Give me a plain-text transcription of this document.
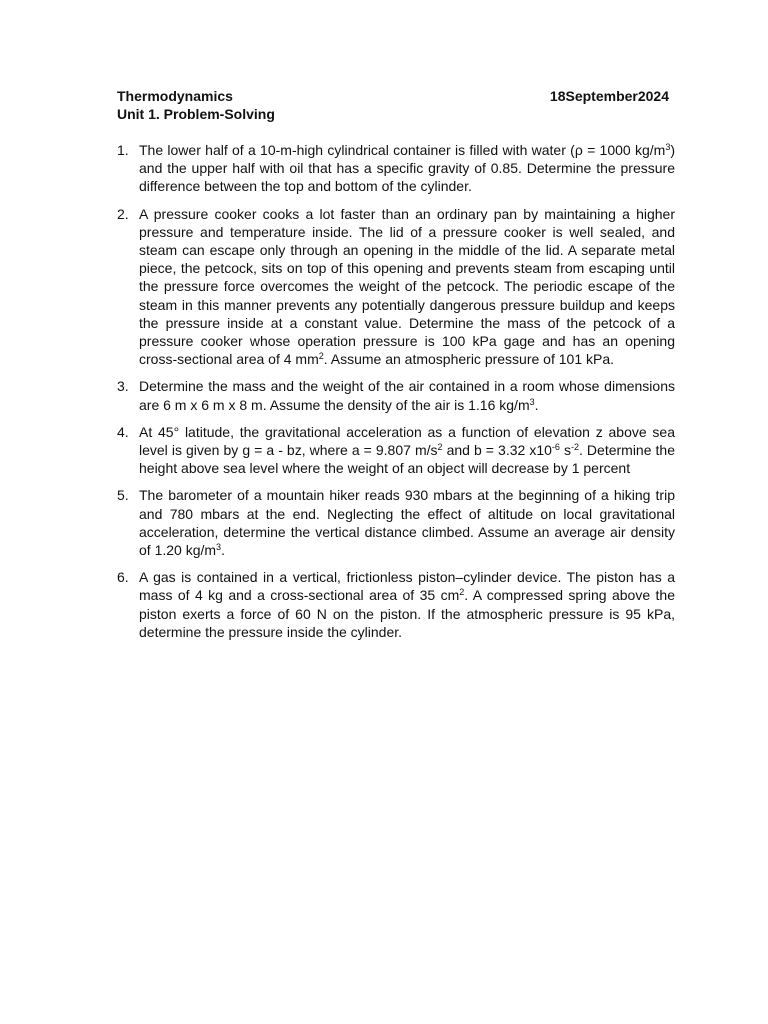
Thermodynamics	18September2024
Unit 1. Problem-Solving
1. The lower half of a 10-m-high cylindrical container is filled with water (ρ = 1000 $kg/m^3$) and the upper half with oil that has a specific gravity of 0.85. Determine the pressure difference between the top and bottom of the cylinder.
2. A pressure cooker cooks a lot faster than an ordinary pan by maintaining a higher pressure and temperature inside. The lid of a pressure cooker is well sealed, and steam can escape only through an opening in the middle of the lid. A separate metal piece, the petcock, sits on top of this opening and prevents steam from escaping until the pressure force overcomes the weight of the petcock. The periodic escape of the steam in this manner prevents any potentially dangerous pressure buildup and keeps the pressure inside at a constant value. Determine the mass of the petcock of a pressure cooker whose operation pressure is 100 kPa gage and has an opening cross-sectional area of 4 $mm^2$. Assume an atmospheric pressure of 101 kPa.
3. Determine the mass and the weight of the air contained in a room whose dimensions are 6 m x 6 m x 8 m. Assume the density of the air is 1.16 $kg/m^3$.
4. At 45° latitude, the gravitational acceleration as a function of elevation z above sea level is given by g = a - bz, where a = 9.807 $m/s^2$ and b = 3.32 $x10^{-6}$ $s^{-2}$. Determine the height above sea level where the weight of an object will decrease by 1 percent
5. The barometer of a mountain hiker reads 930 mbars at the beginning of a hiking trip and 780 mbars at the end. Neglecting the effect of altitude on local gravitational acceleration, determine the vertical distance climbed. Assume an average air density of 1.20 $kg/m^3$.
6. A gas is contained in a vertical, frictionless piston–cylinder device. The piston has a mass of 4 kg and a cross-sectional area of 35 $cm^2$. A compressed spring above the piston exerts a force of 60 N on the piston. If the atmospheric pressure is 95 kPa, determine the pressure inside the cylinder.
